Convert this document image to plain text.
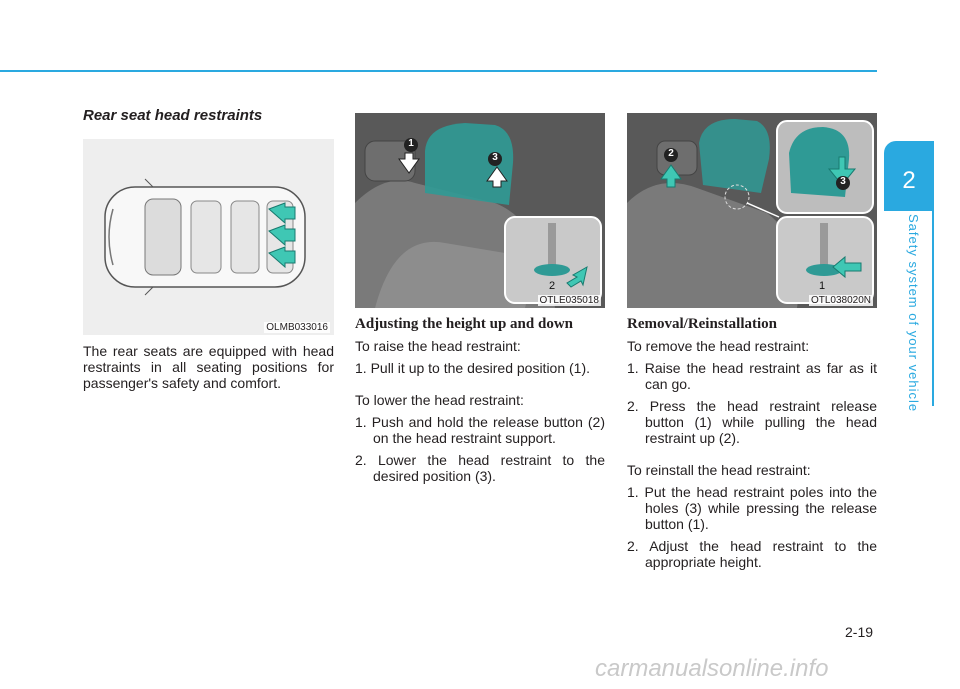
2
Safety system of your vehicle
Rear seat head restraints
OLMB033016
The rear seats are equipped with head restraints in all seating positions for passenger's safety and comfort.
1
3
2
OTLE035018
Adjusting the height up and down

To raise the head restraint:

1. Pull it up to the desired position (1).

To lower the head restraint:

1. Push and hold the release button (2) on the head restraint support.

2. Lower the head restraint to the desired position (3).

2
3
1
OTL038020N
Removal/Reinstallation

To remove the head restraint:

1. Raise the head restraint as far as it can go.

2. Press the head restraint release button (1) while pulling the head restraint up (2).

To reinstall the head restraint:

1. Put the head restraint poles into the holes (3) while pressing the release button (1).

2. Adjust the head restraint to the appropriate height.

2-19
carmanualsonline.info
